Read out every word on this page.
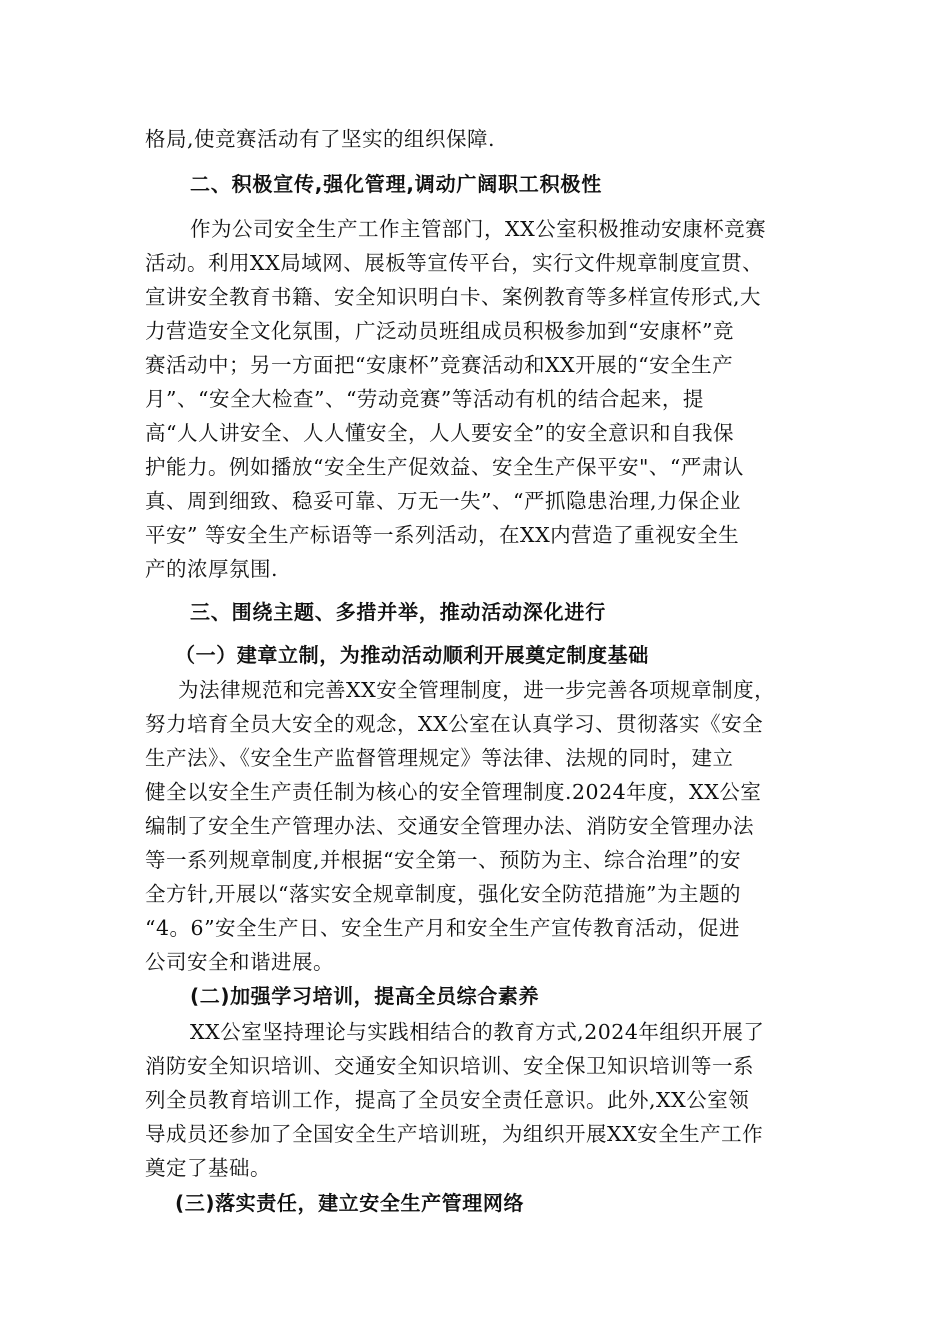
格局,使竞赛活动有了坚实的组织保障.
二、积极宣传,强化管理,调动广阔职工积极性
作为公司安全生产工作主管部门，XX公室积极推动安康杯竞赛
活动。利用XX局域网、展板等宣传平台，实行文件规章制度宣贯、
宣讲安全教育书籍、安全知识明白卡、案例教育等多样宣传形式,大
力营造安全文化氛围，广泛动员班组成员积极参加到“安康杯”竞
赛活动中；另一方面把“安康杯”竞赛活动和XX开展的“安全生产
月”、“安全大检查”、“劳动竞赛”等活动有机的结合起来，提
高“人人讲安全、人人懂安全，人人要安全”的安全意识和自我保
护能力。例如播放“安全生产促效益、安全生产保平安"、“严肃认
真、周到细致、稳妥可靠、万无一失”、“严抓隐患治理,力保企业
平安” 等安全生产标语等一系列活动，在XX内营造了重视安全生
产的浓厚氛围.
三、围绕主题、多措并举，推动活动深化进行
（一）建章立制，为推动活动顺利开展奠定制度基础
为法律规范和完善XX安全管理制度，进一步完善各项规章制度，
努力培育全员大安全的观念，XX公室在认真学习、贯彻落实《安全
生产法》、《安全生产监督管理规定》等法律、法规的同时，建立
健全以安全生产责任制为核心的安全管理制度.2024年度，XX公室
编制了安全生产管理办法、交通安全管理办法、消防安全管理办法
等一系列规章制度,并根据“安全第一、预防为主、综合治理”的安
全方针,开展以“落实安全规章制度，强化安全防范措施”为主题的
“4。6”安全生产日、安全生产月和安全生产宣传教育活动，促进
公司安全和谐进展。
(二)加强学习培训，提高全员综合素养
XX公室坚持理论与实践相结合的教育方式,2024年组织开展了
消防安全知识培训、交通安全知识培训、安全保卫知识培训等一系
列全员教育培训工作，提高了全员安全责任意识。此外,XX公室领
导成员还参加了全国安全生产培训班，为组织开展XX安全生产工作
奠定了基础。
(三)落实责任，建立安全生产管理网络
